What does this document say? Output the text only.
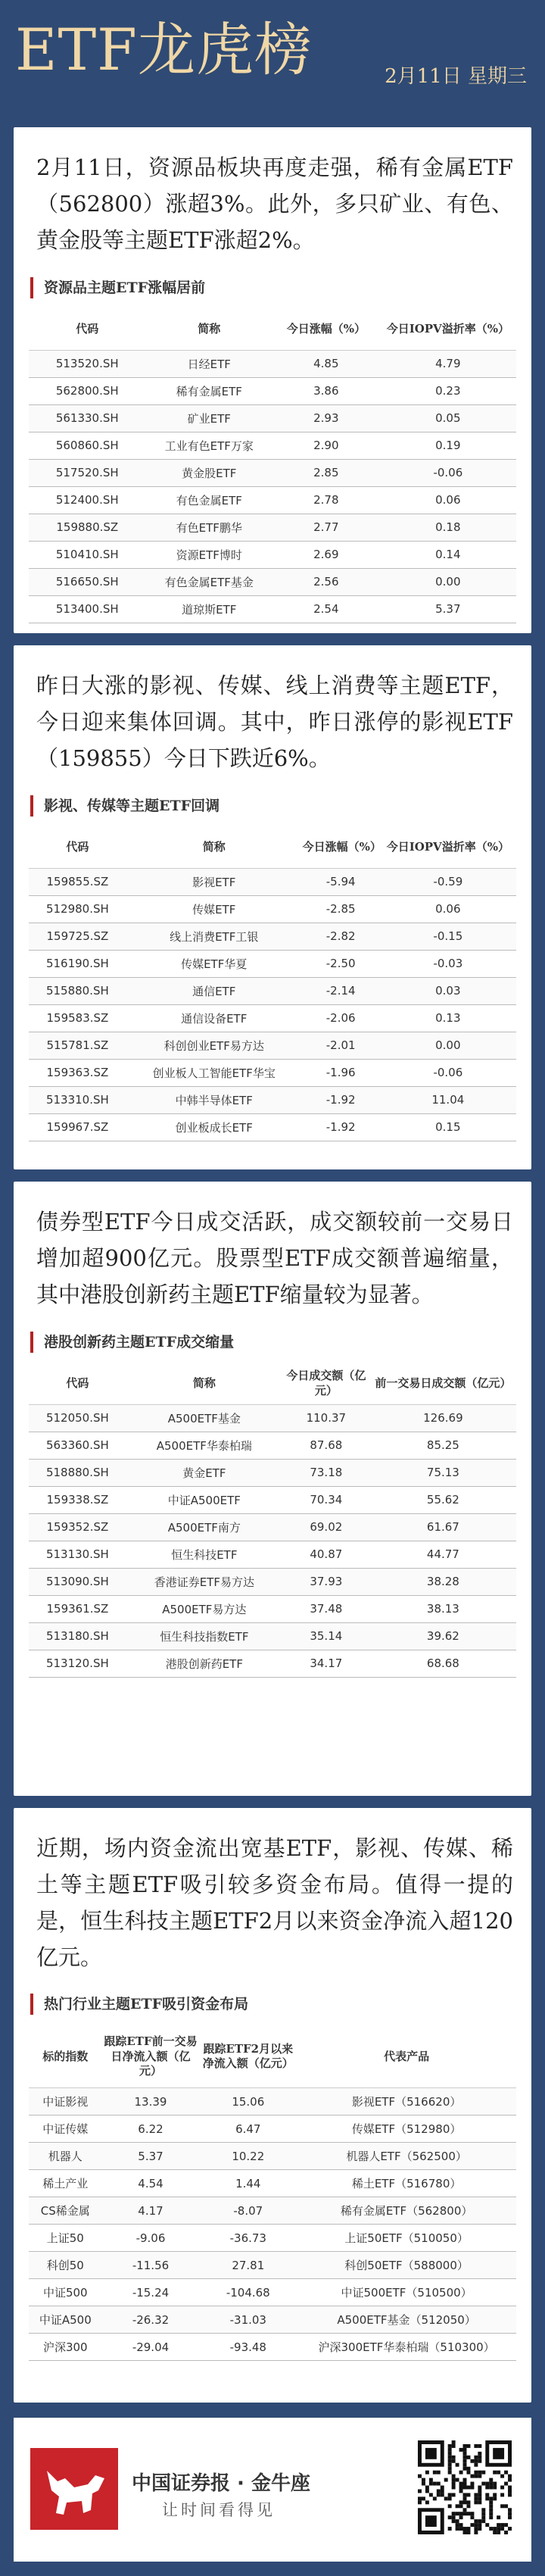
ETF龙虎榜	2月11日 星期三

2月11日，资源品板块再度走强，稀有金属ETF（562800）涨超3%。此外，多只矿业、有色、黄金股等主题ETF涨超2%。

资源品主题ETF涨幅居前
代码	简称	今日涨幅（%）	今日IOPV溢折率（%）
513520.SH	日经ETF	4.85	4.79
562800.SH	稀有金属ETF	3.86	0.23
561330.SH	矿业ETF	2.93	0.05
560860.SH	工业有色ETF万家	2.90	0.19
517520.SH	黄金股ETF	2.85	-0.06
512400.SH	有色金属ETF	2.78	0.06
159880.SZ	有色ETF鹏华	2.77	0.18
510410.SH	资源ETF博时	2.69	0.14
516650.SH	有色金属ETF基金	2.56	0.00
513400.SH	道琼斯ETF	2.54	5.37

昨日大涨的影视、传媒、线上消费等主题ETF，今日迎来集体回调。其中，昨日涨停的影视ETF（159855）今日下跌近6%。

影视、传媒等主题ETF回调
代码	简称	今日涨幅（%）	今日IOPV溢折率（%）
159855.SZ	影视ETF	-5.94	-0.59
512980.SH	传媒ETF	-2.85	0.06
159725.SZ	线上消费ETF工银	-2.82	-0.15
516190.SH	传媒ETF华夏	-2.50	-0.03
515880.SH	通信ETF	-2.14	0.03
159583.SZ	通信设备ETF	-2.06	0.13
515781.SZ	科创创业ETF易方达	-2.01	0.00
159363.SZ	创业板人工智能ETF华宝	-1.96	-0.06
513310.SH	中韩半导体ETF	-1.92	11.04
159967.SZ	创业板成长ETF	-1.92	0.15

债券型ETF今日成交活跃，成交额较前一交易日增加超900亿元。股票型ETF成交额普遍缩量，其中港股创新药主题ETF缩量较为显著。

港股创新药主题ETF成交缩量
代码	简称	今日成交额（亿元）	前一交易日成交额（亿元）
512050.SH	A500ETF基金	110.37	126.69
563360.SH	A500ETF华泰柏瑞	87.68	85.25
518880.SH	黄金ETF	73.18	75.13
159338.SZ	中证A500ETF	70.34	55.62
159352.SZ	A500ETF南方	69.02	61.67
513130.SH	恒生科技ETF	40.87	44.77
513090.SH	香港证券ETF易方达	37.93	38.28
159361.SZ	A500ETF易方达	37.48	38.13
513180.SH	恒生科技指数ETF	35.14	39.62
513120.SH	港股创新药ETF	34.17	68.68

近期，场内资金流出宽基ETF，影视、传媒、稀土等主题ETF吸引较多资金布局。值得一提的是，恒生科技主题ETF2月以来资金净流入超120亿元。

热门行业主题ETF吸引资金布局
标的指数	跟踪ETF前一交易日净流入额（亿元）	跟踪ETF2月以来净流入额（亿元）	代表产品
中证影视	13.39	15.06	影视ETF（516620）
中证传媒	6.22	6.47	传媒ETF（512980）
机器人	5.37	10.22	机器人ETF（562500）
稀土产业	4.54	1.44	稀土ETF（516780）
CS稀金属	4.17	-8.07	稀有金属ETF（562800）
上证50	-9.06	-36.73	上证50ETF（510050）
科创50	-11.56	27.81	科创50ETF（588000）
中证500	-15.24	-104.68	中证500ETF（510500）
中证A500	-26.32	-31.03	A500ETF基金（512050）
沪深300	-29.04	-93.48	沪深300ETF华泰柏瑞（510300）
中国证券报 · 金牛座
让时间看得见
